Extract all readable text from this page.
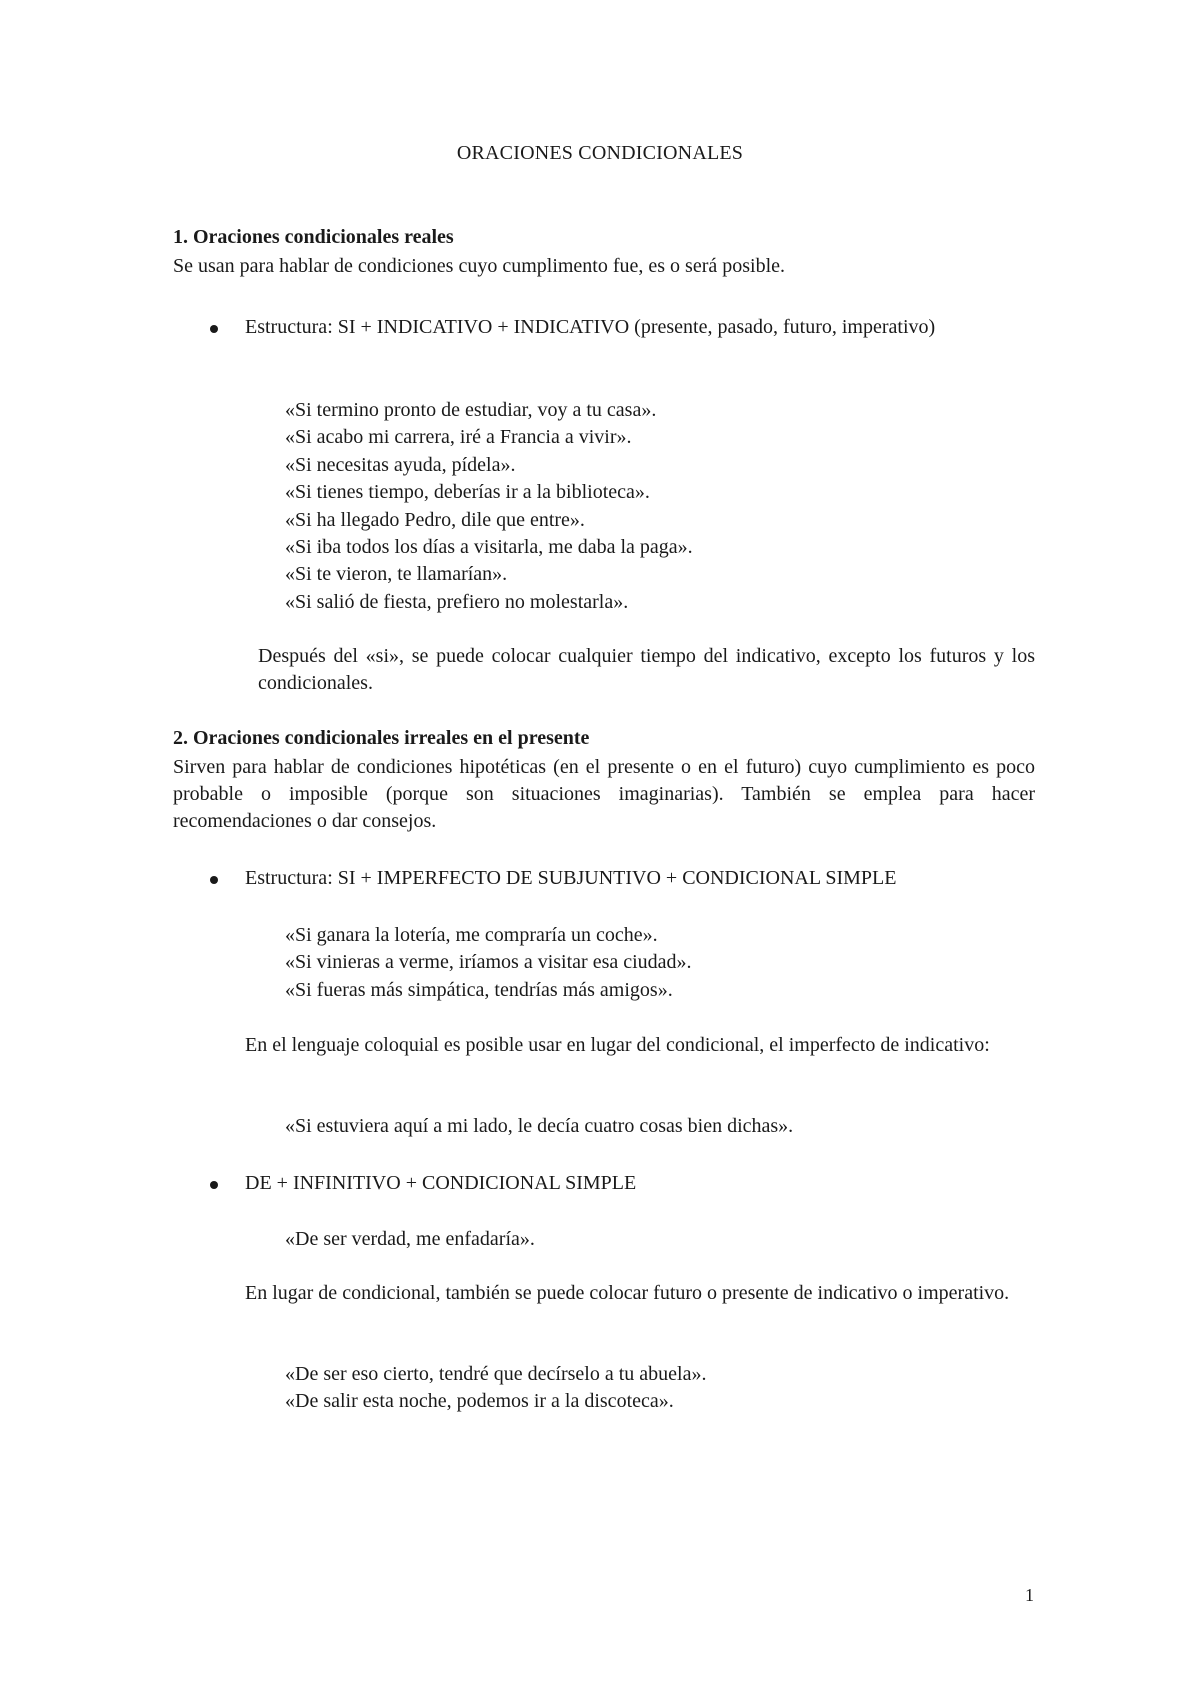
ORACIONES CONDICIONALES
1. Oraciones condicionales reales
Se usan para hablar de condiciones cuyo cumplimento fue, es o será posible.
Estructura: SI + INDICATIVO + INDICATIVO (presente, pasado, futuro, imperativo)
«Si termino pronto de estudiar, voy a tu casa».
«Si acabo mi carrera, iré a Francia a vivir».
«Si necesitas ayuda, pídela».
«Si tienes tiempo, deberías ir a la biblioteca».
«Si ha llegado Pedro, dile que entre».
«Si iba todos los días a visitarla, me daba la paga».
«Si te vieron, te llamarían».
«Si salió de fiesta, prefiero no molestarla».
Después del «si», se puede colocar cualquier tiempo del indicativo, excepto los futuros y los condicionales.
2. Oraciones condicionales irreales en el presente
Sirven para hablar de condiciones hipotéticas (en el presente o en el futuro) cuyo cumplimiento es poco probable o imposible (porque son situaciones imaginarias). También se emplea para hacer recomendaciones o dar consejos.
Estructura: SI + IMPERFECTO DE SUBJUNTIVO + CONDICIONAL SIMPLE
«Si ganara la lotería, me compraría un coche».
«Si vinieras a verme, iríamos a visitar esa ciudad».
«Si fueras más simpática, tendrías más amigos».
En el lenguaje coloquial es posible usar en lugar del condicional, el imperfecto de indicativo:
«Si estuviera aquí a mi lado, le decía cuatro cosas bien dichas».
DE + INFINITIVO + CONDICIONAL SIMPLE
«De ser verdad, me enfadaría».
En lugar de condicional, también se puede colocar futuro o presente de indicativo o imperativo.
«De ser eso cierto, tendré que decírselo a tu abuela».
«De salir esta noche, podemos ir a la discoteca».
1
